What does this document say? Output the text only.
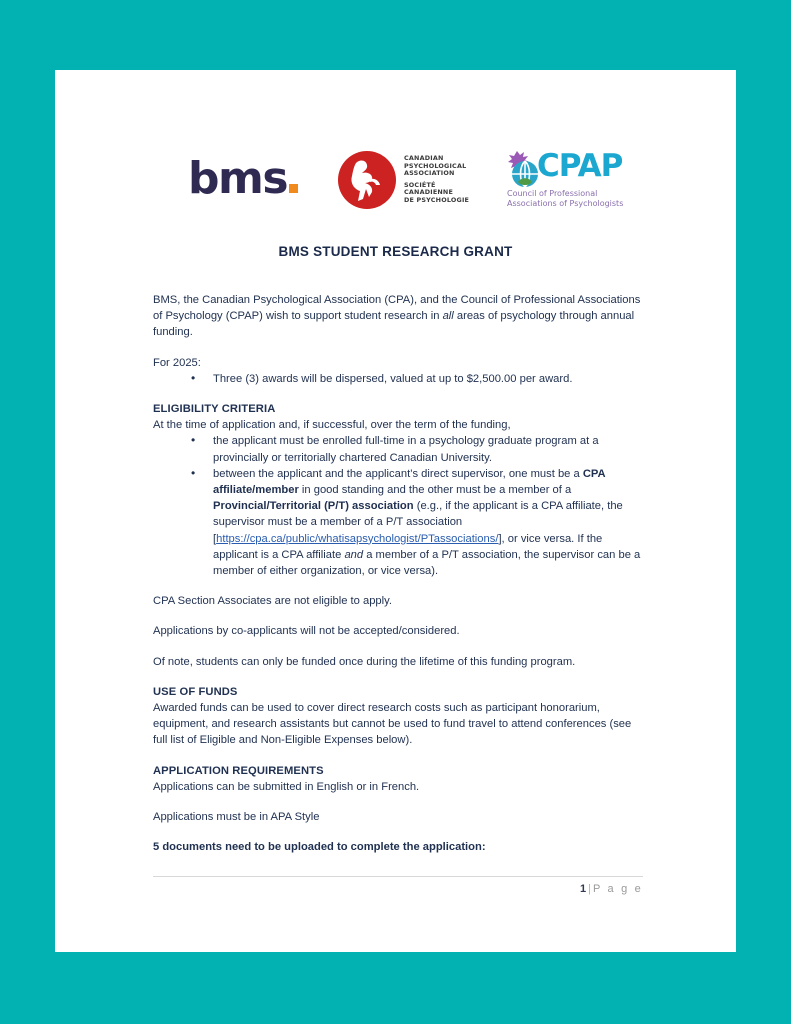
bms	CANADIAN
PSYCHOLOGICAL
ASSOCIATION
SOCIÉTÉ
CANADIENNE
DE PSYCHOLOGIE
CPAP
Council of Professional
Associations of Psychologists
BMS STUDENT RESEARCH GRANT

BMS, the Canadian Psychological Association (CPA), and the Council of Professional Associations of Psychology (CPAP) wish to support student research in all areas of psychology through annual funding.

For 2025:

• Three (3) awards will be dispersed, valued at up to $2,500.00 per award.

ELIGIBILITY CRITERIA

At the time of application and, if successful, over the term of the funding,

• the applicant must be enrolled full-time in a psychology graduate program at a provincially or territorially chartered Canadian University.
• between the applicant and the applicant’s direct supervisor, one must be a CPA affiliate/member in good standing and the other must be a member of a Provincial/Territorial (P/T) association (e.g., if the applicant is a CPA affiliate, the supervisor must be a member of a P/T association [https://cpa.ca/public/whatisapsychologist/PTassociations/], or vice versa. If the applicant is a CPA affiliate and a member of a P/T association, the supervisor can be a member of either organization, or vice versa).

CPA Section Associates are not eligible to apply.

Applications by co-applicants will not be accepted/considered.

Of note, students can only be funded once during the lifetime of this funding program.

USE OF FUNDS

Awarded funds can be used to cover direct research costs such as participant honorarium, equipment, and research assistants but cannot be used to fund travel to attend conferences (see full list of Eligible and Non-Eligible Expenses below).

APPLICATION REQUIREMENTS

Applications can be submitted in English or in French.

Applications must be in APA Style

5 documents need to be uploaded to complete the application:

1 | P a g e
